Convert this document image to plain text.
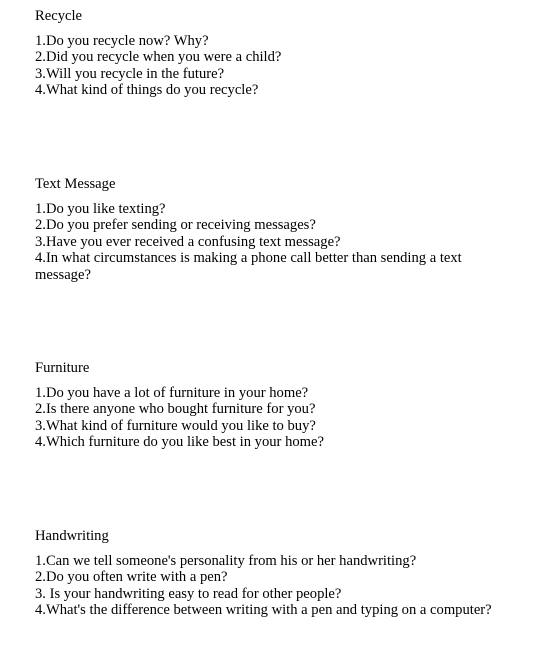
Recycle
1.Do you recycle now? Why?
2.Did you recycle when you were a child?
3.Will you recycle in the future?
4.What kind of things do you recycle?
Text Message
1.Do you like texting?
2.Do you prefer sending or receiving messages?
3.Have you ever received a confusing text message?
4.In what circumstances is making a phone call better than sending a text message?
Furniture
1.Do you have a lot of furniture in your home?
2.Is there anyone who bought furniture for you?
3.What kind of furniture would you like to buy?
4.Which furniture do you like best in your home?
Handwriting
1.Can we tell someone's personality from his or her handwriting?
2.Do you often write with a pen?
3. Is your handwriting easy to read for other people?
4.What's the difference between writing with a pen and typing on a computer?
